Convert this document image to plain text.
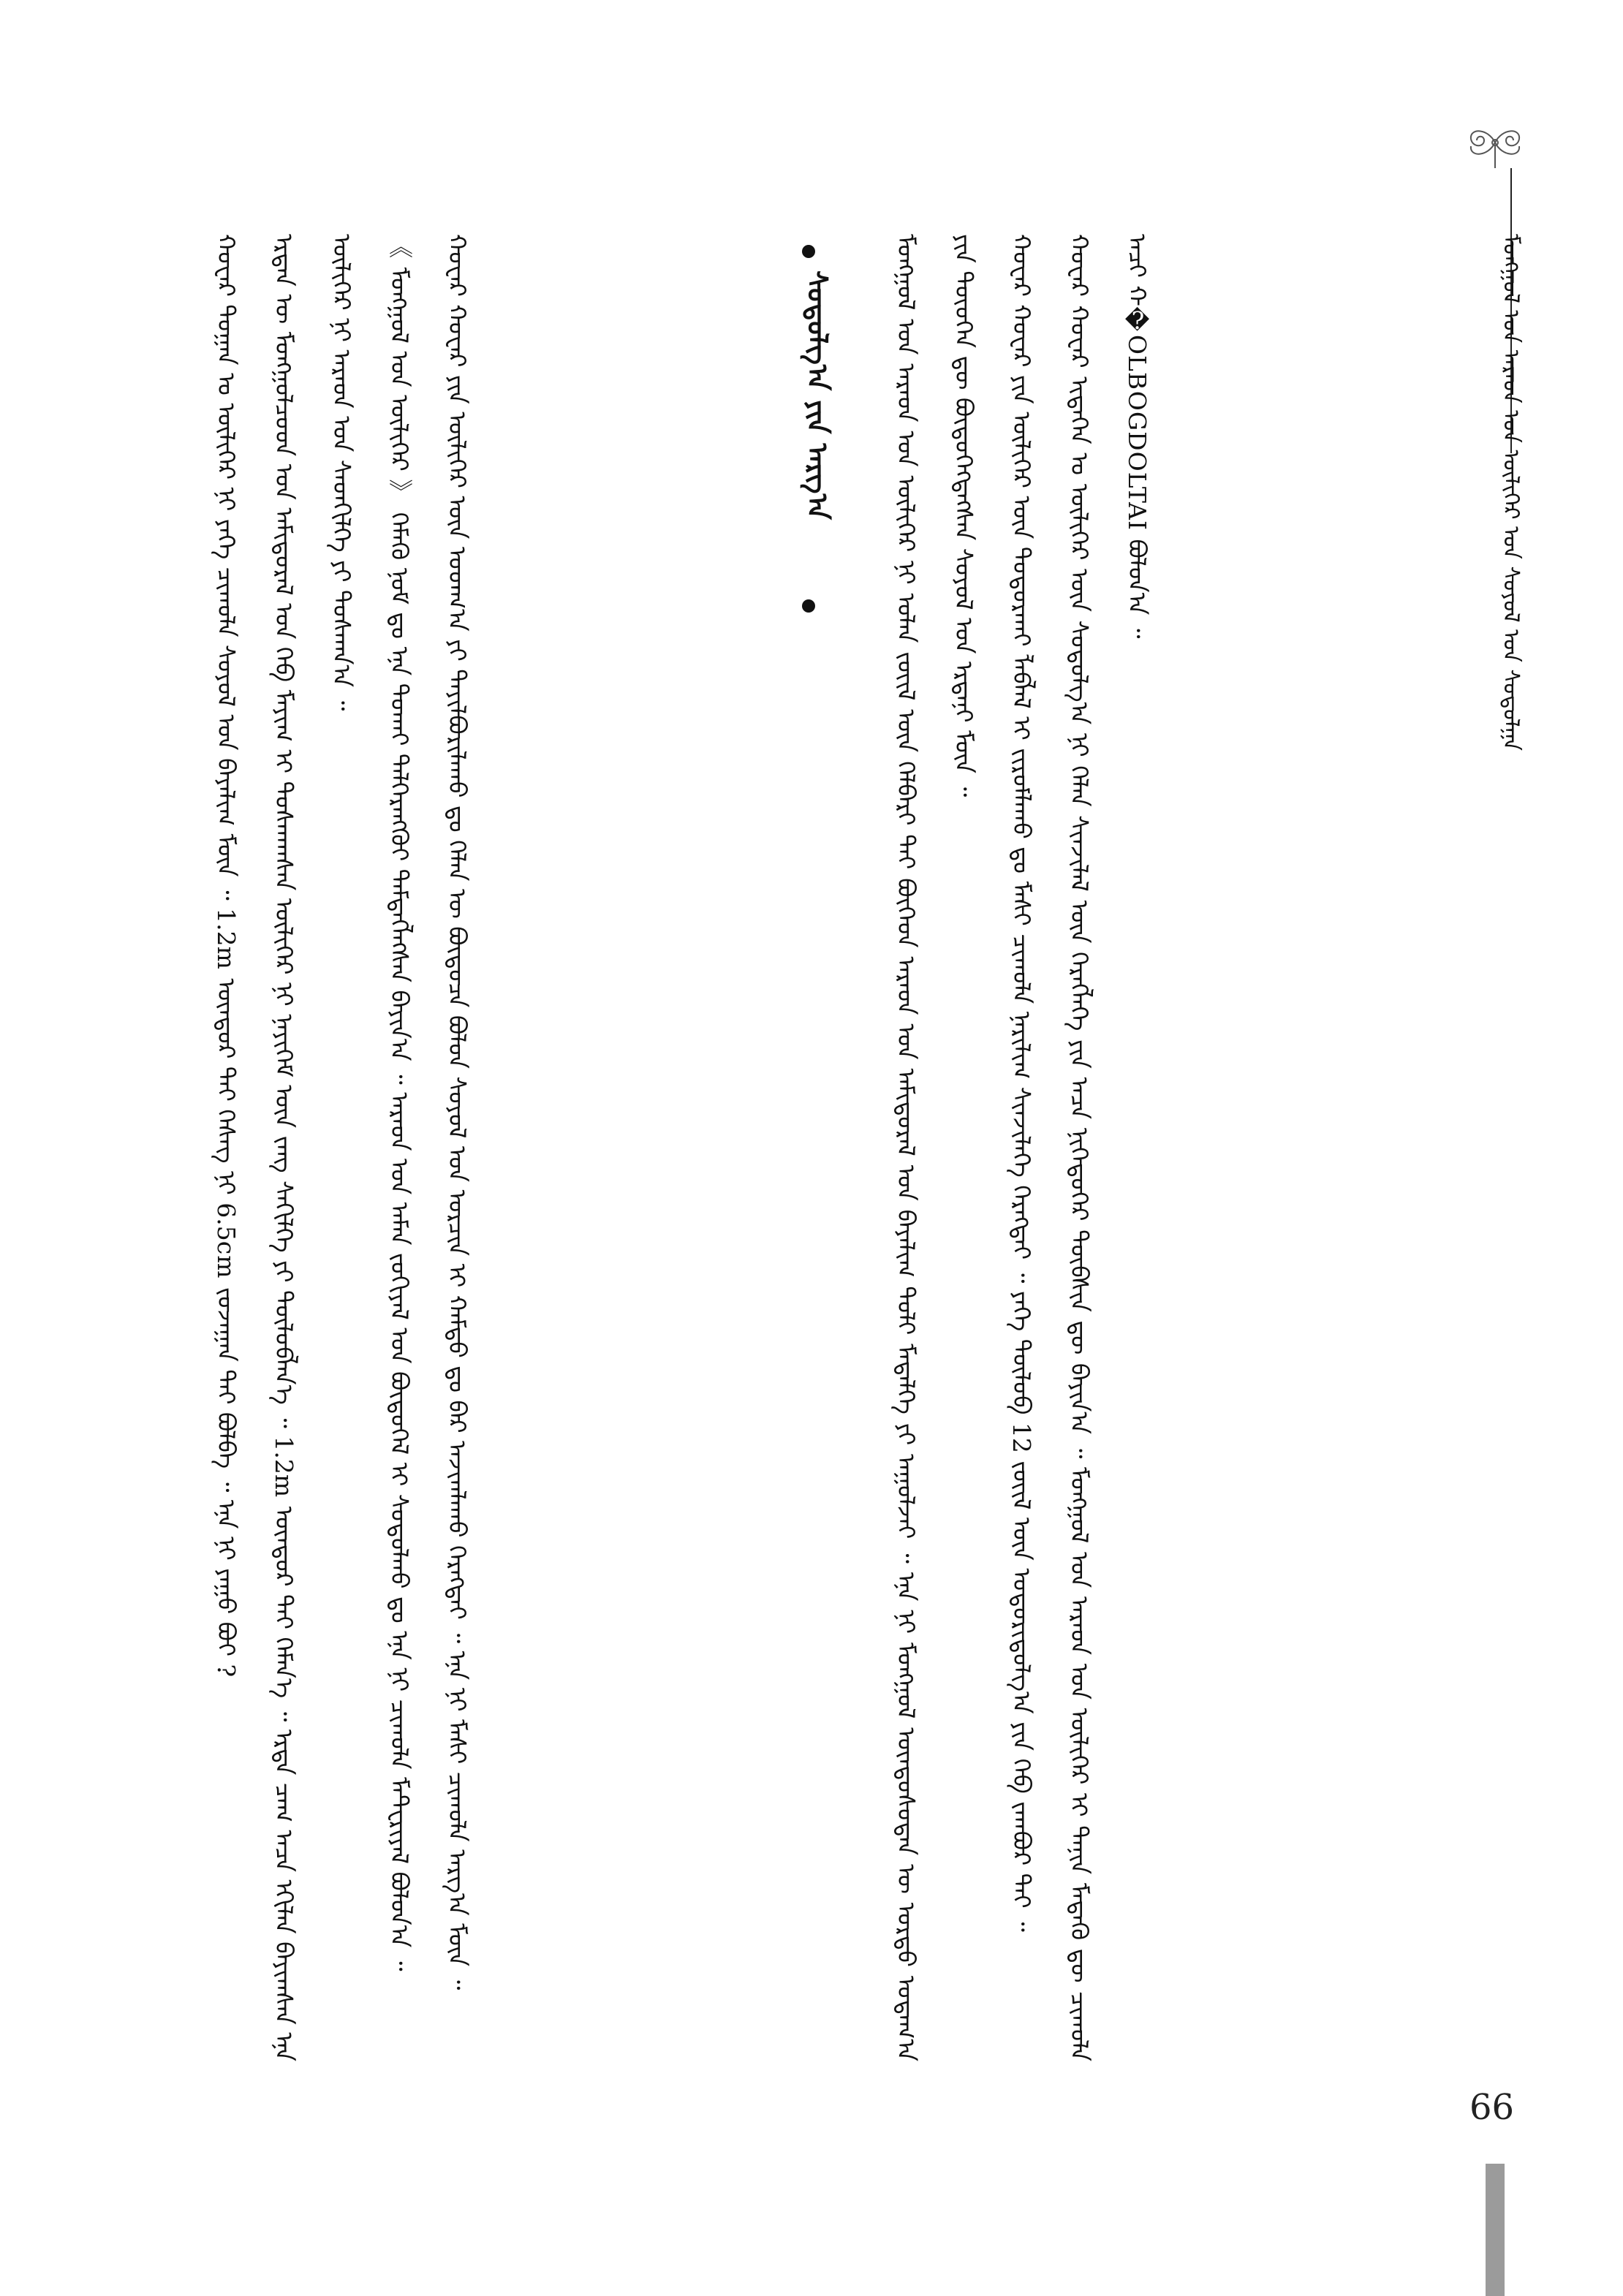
ᠮᠣᠩᠭᠣᠯ ᠤᠨ ᠠᠷᠠᠳ ᠤᠨ ᠦᠯᠢᠭᠡᠷ ᠤᠨ ᠰᠣᠶᠣᠯ ᠤᠨ ᠰᠤᠳᠤᠯᠭᠠ

ᠮᠣᠩᠭᠣᠯ ᠤᠨ ᠠᠷᠠᠳ ᠤᠨ ᠦᠯᠢᠭᠡᠷ ᠨᠢ ᠣᠯᠠᠨ ᠵᠦᠢᠯ ᠦᠨ ᠬᠡᠯᠪᠡᠷᠢ ᠲᠠᠢ ᠪᠥᠭᠡᠳ ᠠᠷᠠᠳ ᠤᠨ ᠠᠮᠢᠳᠤᠷᠠᠯ ᠤᠨ ᠪᠠᠶᠠᠯᠢᠭ ᠲᠤᠯᠢ ᠮᠡᠳᠡᠯᠭᠡ ᠶᠢ ᠠᠭᠤᠯᠵᠠᠢ ᠃ ᠡᠨᠡ ᠨᠢ ᠮᠣᠩᠭᠣᠯ ᠦᠨᠳᠦᠰᠦᠲᠡᠨ ᠦ ᠤᠷᠲᠤ ᠤᠳᠠᠭ᠎ᠠ ᠶᠢᠨ ᠲᠦᠦᠬᠡᠨ ᠳᠦ ᠪᠦᠲᠦᠭᠡᠭᠳᠡᠭᠰᠡᠨ ᠰᠣᠶᠣᠯ ᠤᠨ ᠡᠷᠳᠡᠨᠢ ᠮᠥᠨ ᠃	ᠬᠤᠸᠠᠷ ᠬᠤᠸᠠᠷ ᠶᠢᠨ ᠦᠯᠢᠭᠡᠷ ᠦᠨ ᠳᠤᠳᠤᠷᠬᠠᠢ ᠯᠠᠪᠯᠠᠯ ᠢ ᠵᠢᠷᠤᠮᠯᠠᠬᠤ ᠳᠤ ᠮᠠᠰᠢ ᠴᠢᠬᠤᠯᠠ ᠨᠠᠷᠢᠯᠢᠭ ᠰᠢᠨᠵᠢᠯᠡᠭᠡ ᠬᠡᠷᠡᠭᠲᠡᠢ ᠃ ᠶᠡᠬᠡ ᠲᠥᠯᠦᠪ 12 ᠵᠦᠢᠯ ᠦᠨ ᠤᠳᠤᠷᠢᠳᠤᠯᠭ᠎ᠠ ᠶᠢᠨ ᠬᠡᠪ ᠵᠠᠭᠪᠤᠷ ᠲᠠᠢ ᠃	ᠬᠤᠸᠠᠷ ᠬᠤᠸᠠᠷ ᠢᠳᠡᠭᠡᠨ ᠤ ᠦᠯᠢᠭᠡᠷ ᠦᠨ ᠰᠤᠳᠤᠯᠭ᠎ᠠ ᠨᠢ ᠬᠡᠯᠡᠨ ᠰᠢᠨᠵᠢᠯᠡᠯ ᠦᠨ ᠬᠡᠷᠡᠭᠯᠡᠭᠡ ᠶᠢᠨ ᠠᠴᠠ ᠨᠢᠭᠡᠳᠦᠭᠡᠷ ᠲᠦᠪᠰᠢᠨ ᠳᠦ ᠪᠠᠶᠢᠨ᠎ᠠ ᠃ ᠮᠣᠩᠭᠣᠯ ᠤᠨ ᠠᠷᠠᠳ ᠤᠨ ᠦᠯᠢᠭᠡᠷ ᠢ ᠲᠠᠨᠢᠨ ᠮᠡᠳᠡᠬᠦ ᠳᠦ ᠴᠢᠬᠤᠯᠠ ᠠᠴᠢ ᠬ�OLBOGDOLTAI ᠪᠣᠯᠤᠨ᠎ᠠ ᠃

ᠰᠤᠳᠤᠯᠭ᠎ᠠ ᠶᠢᠨ ᠠᠷᠭ᠎ᠠ

ᠬᠤᠸᠠᠷ ᠲᠣᠭᠠᠨ ᠤ ᠦᠯᠢᠭᠡᠷ ᠨᠢ ᠶᠡᠬᠡ ᠴᠢᠬᠤᠯᠠ ᠰᠣᠶᠣᠯ ᠤᠨ ᠪᠠᠶᠠᠯᠢᠭ ᠮᠥᠨ ᠃ 1.2m ᠦᠨᠳᠦᠷ ᠲᠠᠢ ᠬᠡᠰᠡᠭ ᠨᠢ 6.5cm ᠵᠤᠵᠠᠭᠠᠨ ᠲᠠᠢ ᠪᠣᠯᠪᠠ ᠃ ᠡᠨᠡ ᠨᠢ ᠶᠠᠭᠤ ᠪᠣᠢ ?	ᠡᠷᠲᠡᠨ ᠦ ᠮᠣᠩᠭᠣᠯᠴᠤᠳ ᠤᠨ ᠠᠮᠢᠳᠤᠷᠠᠯ ᠤᠨ ᠬᠡᠪ ᠮᠠᠶᠢᠭ ᠢ ᠲᠤᠰᠬᠠᠭᠰᠠᠨ ᠦᠯᠢᠭᠡᠷ ᠨᠢ ᠨᠡᠶᠢᠭᠡᠮ ᠦᠨ ᠵᠠᠩ ᠰᠡᠬᠢᠯᠭᠡ ᠶᠢ ᠲᠥᠯᠦᠪᠯᠡᠨ᠎ᠡ ᠃ 1.2m ᠦᠨᠳᠦᠷ ᠲᠠᠢ ᠬᠡᠮᠡᠨ᠎ᠡ ᠃ ᠡᠷᠲᠡ ᠴᠠᠭ ᠠᠴᠠ ᠡᠬᠢᠯᠡᠨ ᠪᠠᠶᠢᠭᠰᠠᠨ ᠡᠨᠡ ᠦᠯᠢᠭᠡᠷ ᠨᠢ ᠠᠷᠠᠳ ᠤᠨ ᠰᠡᠳᠬᠢᠯᠭᠡ ᠶᠢ ᠲᠤᠰᠬᠠᠨ᠎ᠠ ᠃	《 ᠮᠣᠩᠭᠣᠯ ᠤᠨ ᠦᠯᠢᠭᠡᠷ 》 ᠬᠡᠮᠡᠬᠦ ᠨᠣᠮ ᠳᠤ ᠡᠨᠡ ᠲᠤᠬᠠᠢ ᠳᠡᠯᠭᠡᠷᠡᠩᠭᠦᠢ ᠲᠡᠮᠳᠡᠭᠯᠡᠭᠰᠡᠨ ᠪᠠᠶᠢᠨ᠎ᠠ ᠃ ᠠᠷᠠᠳ ᠤᠨ ᠠᠮᠠᠨ ᠵᠣᠬᠢᠶᠠᠯ ᠤᠨ ᠪᠦᠲᠦᠭᠡᠯ ᠢ ᠰᠤᠳᠤᠯᠬᠤ ᠳᠤ ᠡᠨᠡ ᠨᠢ ᠴᠢᠬᠤᠯᠠ ᠮᠠᠲ᠋ᠧᠷᠢᠶᠠᠯ ᠪᠣᠯᠤᠨ᠎ᠠ ᠃	ᠬᠤᠸᠠᠷ ᠬᠤᠸᠠᠷ ᠶᠢᠨ ᠦᠯᠢᠭᠡᠷ ᠦᠨ ᠤᠳᠬ᠎ᠠ ᠶᠢ ᠲᠠᠶᠢᠯᠪᠤᠷᠢᠯᠠᠬᠤ ᠳᠤ ᠬᠡᠯᠡᠨ ᠦ ᠪᠦᠲᠦᠴᠡ ᠪᠣᠯᠣᠨ ᠰᠣᠶᠣᠯ ᠤᠨ ᠣᠷᠴᠢᠨ ᠢ ᠬᠠᠮᠲᠤ ᠳᠤ ᠪᠠᠷ ᠠᠵᠢᠭᠯᠠᠬᠤ ᠬᠡᠷᠡᠭᠲᠡᠢ ᠃ ᠡᠨᠡ ᠨᠢ ᠮᠠᠰᠢ ᠴᠢᠬᠤᠯᠠ ᠠᠷᠭ᠎ᠠ ᠮᠥᠨ ᠃

66
